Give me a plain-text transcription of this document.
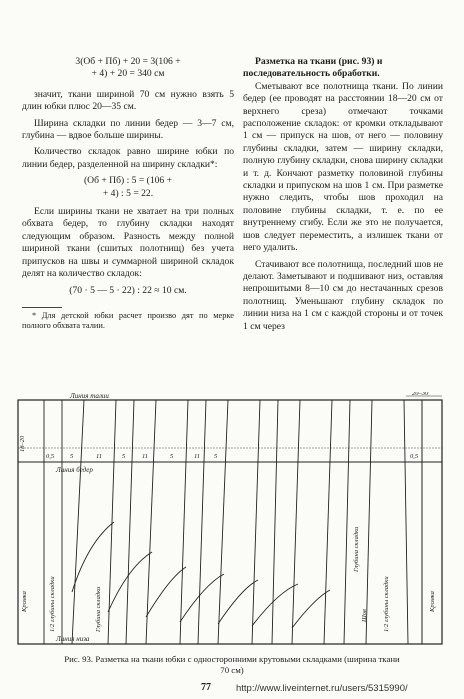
3(Об + Пб) + 20 = 3(106 +
+ 4) + 20 = 340 см

значит, ткани шириной 70 см нужно взять 5 длин юбки плюс 20—35 см.

Ширина складки по линии бедер — 3—7 см, глубина — вдвое больше ширины.

Количество складок равно ширине юбки по линии бедер, разделенной на ширину складки*:

(Об + Пб) : 5 = (106 +
+ 4) : 5 = 22.

Если ширины ткани не хватает на три полных обхвата бедер, то глубину складки находят следующим образом. Разность между полной шириной ткани (сшитых полотнищ) без учета припусков на швы и суммарной шириной складок делят на количество складок:

(70 · 5 — 5 · 22) : 22 ≈ 10 см.

* Для детской юбки расчет произво дят по мерке полного обхвата талии.

Разметка на ткани (рис. 93) и последовательность обработки.

Сметывают все полотнища ткани. По линии бедер (ее проводят на расстоянии 18—20 см от верхнего среза) отмечают точками расположение складок: от кромки откладывают 1 см — припуск на шов, от него — половину глубины складки, затем — ширину складки, полную глубину складки, снова ширину складки и т. д. Кончают разметку половиной глубины складки и припуском на шов 1 см. При разметке нужно следить, чтобы шов проходил на половине глубины складки, т. е. по ее внутреннему сгибу. Если же это не получается, шов следует переместить, а излишек ткани от него удалить.

Стачивают все полотнища, последний шов не делают. Заметывают и подшивают низ, оставляя непрошитыми 8—10 см до нестачанных срезов полотнищ. Уменьшают глубину складок по линии низа на 1 см с каждой стороны и от точек 1 см через

Линия талии
Линия бедер
Линия низа
20–30
18–20
0,5 5	11	5	11	5	11 5	0,5
Кромка	1/2 глубины складки	Глубина складки	Шов
Глубина складки
1/2 глубины складки	Кромка
Рис. 93. Разметка на ткани юбки с односторонними крутовыми складками (ширина ткани 70 см)
77	http://www.liveinternet.ru/users/5315990/
